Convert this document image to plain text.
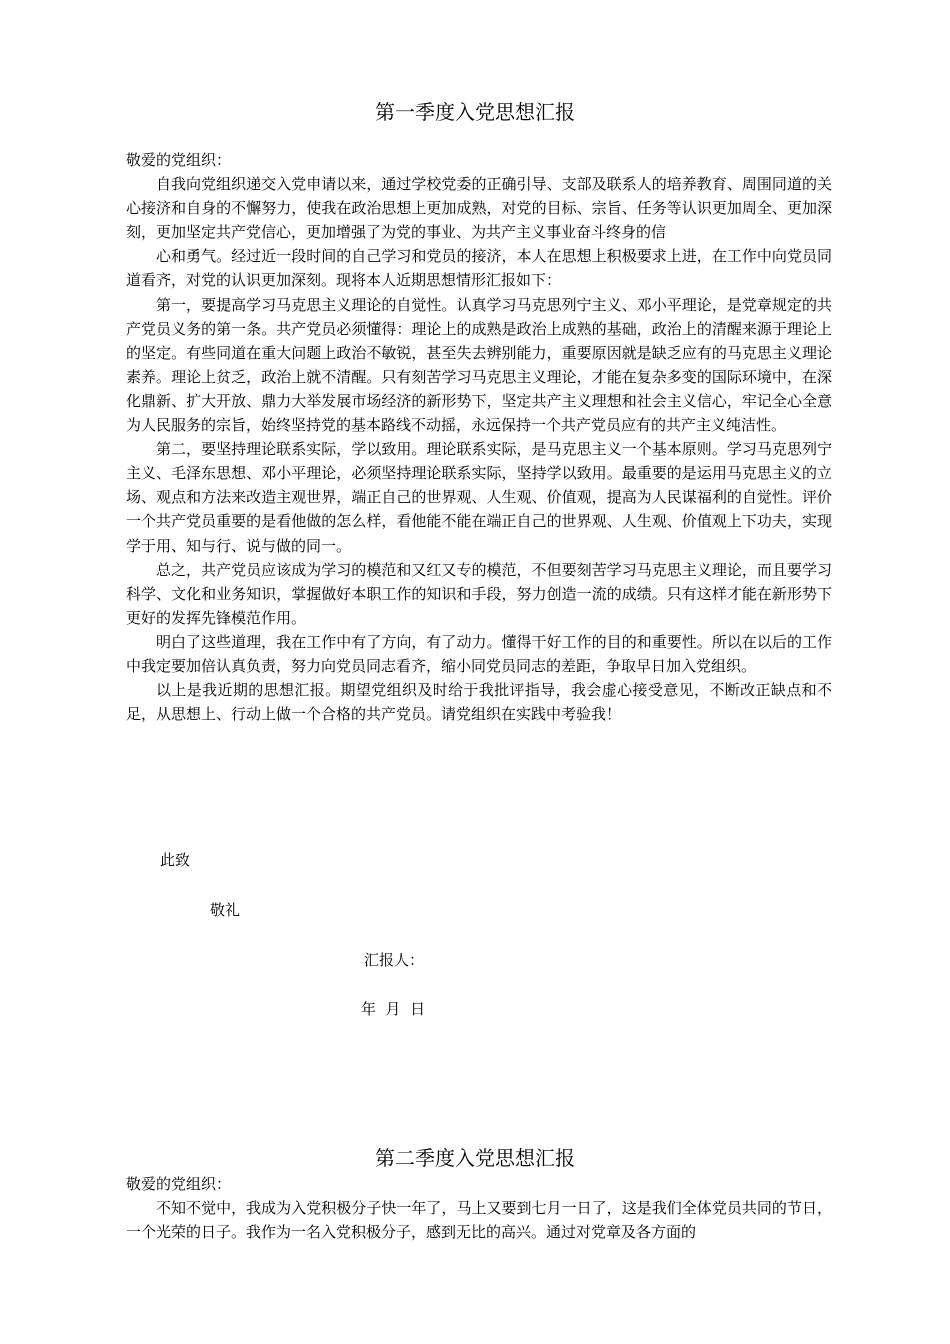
第一季度入党思想汇报

敬爱的党组织：

自我向党组织递交入党申请以来，通过学校党委的正确引导、支部及联系人的培养教育、周围同道的关心接济和自身的不懈努力，使我在政治思想上更加成熟，对党的目标、宗旨、任务等认识更加周全、更加深刻，更加坚定共产党信心，更加增强了为党的事业、为共产主义事业奋斗终身的信

心和勇气。经过近一段时间的自己学习和党员的接济，本人在思想上积极要求上进，在工作中向党员同道看齐，对党的认识更加深刻。现将本人近期思想情形汇报如下：

第一，要提高学习马克思主义理论的自觉性。认真学习马克思列宁主义、邓小平理论，是党章规定的共产党员义务的第一条。共产党员必须懂得：理论上的成熟是政治上成熟的基础，政治上的清醒来源于理论上的坚定。有些同道在重大问题上政治不敏锐，甚至失去辨别能力，重要原因就是缺乏应有的马克思主义理论素养。理论上贫乏，政治上就不清醒。只有刻苦学习马克思主义理论，才能在复杂多变的国际环境中，在深化鼎新、扩大开放、鼎力大举发展市场经济的新形势下，坚定共产主义理想和社会主义信心，牢记全心全意为人民服务的宗旨，始终坚持党的基本路线不动摇，永远保持一个共产党员应有的共产主义纯洁性。

第二，要坚持理论联系实际，学以致用。理论联系实际，是马克思主义一个基本原则。学习马克思列宁主义、毛泽东思想、邓小平理论，必须坚持理论联系实际，坚持学以致用。最重要的是运用马克思主义的立场、观点和方法来改造主观世界，端正自己的世界观、人生观、价值观，提高为人民谋福利的自觉性。评价一个共产党员重要的是看他做的怎么样，看他能不能在端正自己的世界观、人生观、价值观上下功夫，实现学于用、知与行、说与做的同一。

总之，共产党员应该成为学习的模范和又红又专的模范，不但要刻苦学习马克思主义理论，而且要学习科学、文化和业务知识，掌握做好本职工作的知识和手段，努力创造一流的成绩。只有这样才能在新形势下更好的发挥先锋模范作用。

明白了这些道理，我在工作中有了方向，有了动力。懂得干好工作的目的和重要性。所以在以后的工作中我定要加倍认真负责，努力向党员同志看齐，缩小同党员同志的差距，争取早日加入党组织。

以上是我近期的思想汇报。期望党组织及时给于我批评指导，我会虚心接受意见，不断改正缺点和不足，从思想上、行动上做一个合格的共产党员。请党组织在实践中考验我！

此致
敬礼
汇报人：
年  月  日
第二季度入党思想汇报

敬爱的党组织：

不知不觉中，我成为入党积极分子快一年了，马上又要到七月一日了，这是我们全体党员共同的节日，一个光荣的日子。我作为一名入党积极分子，感到无比的高兴。通过对党章及各方面的
